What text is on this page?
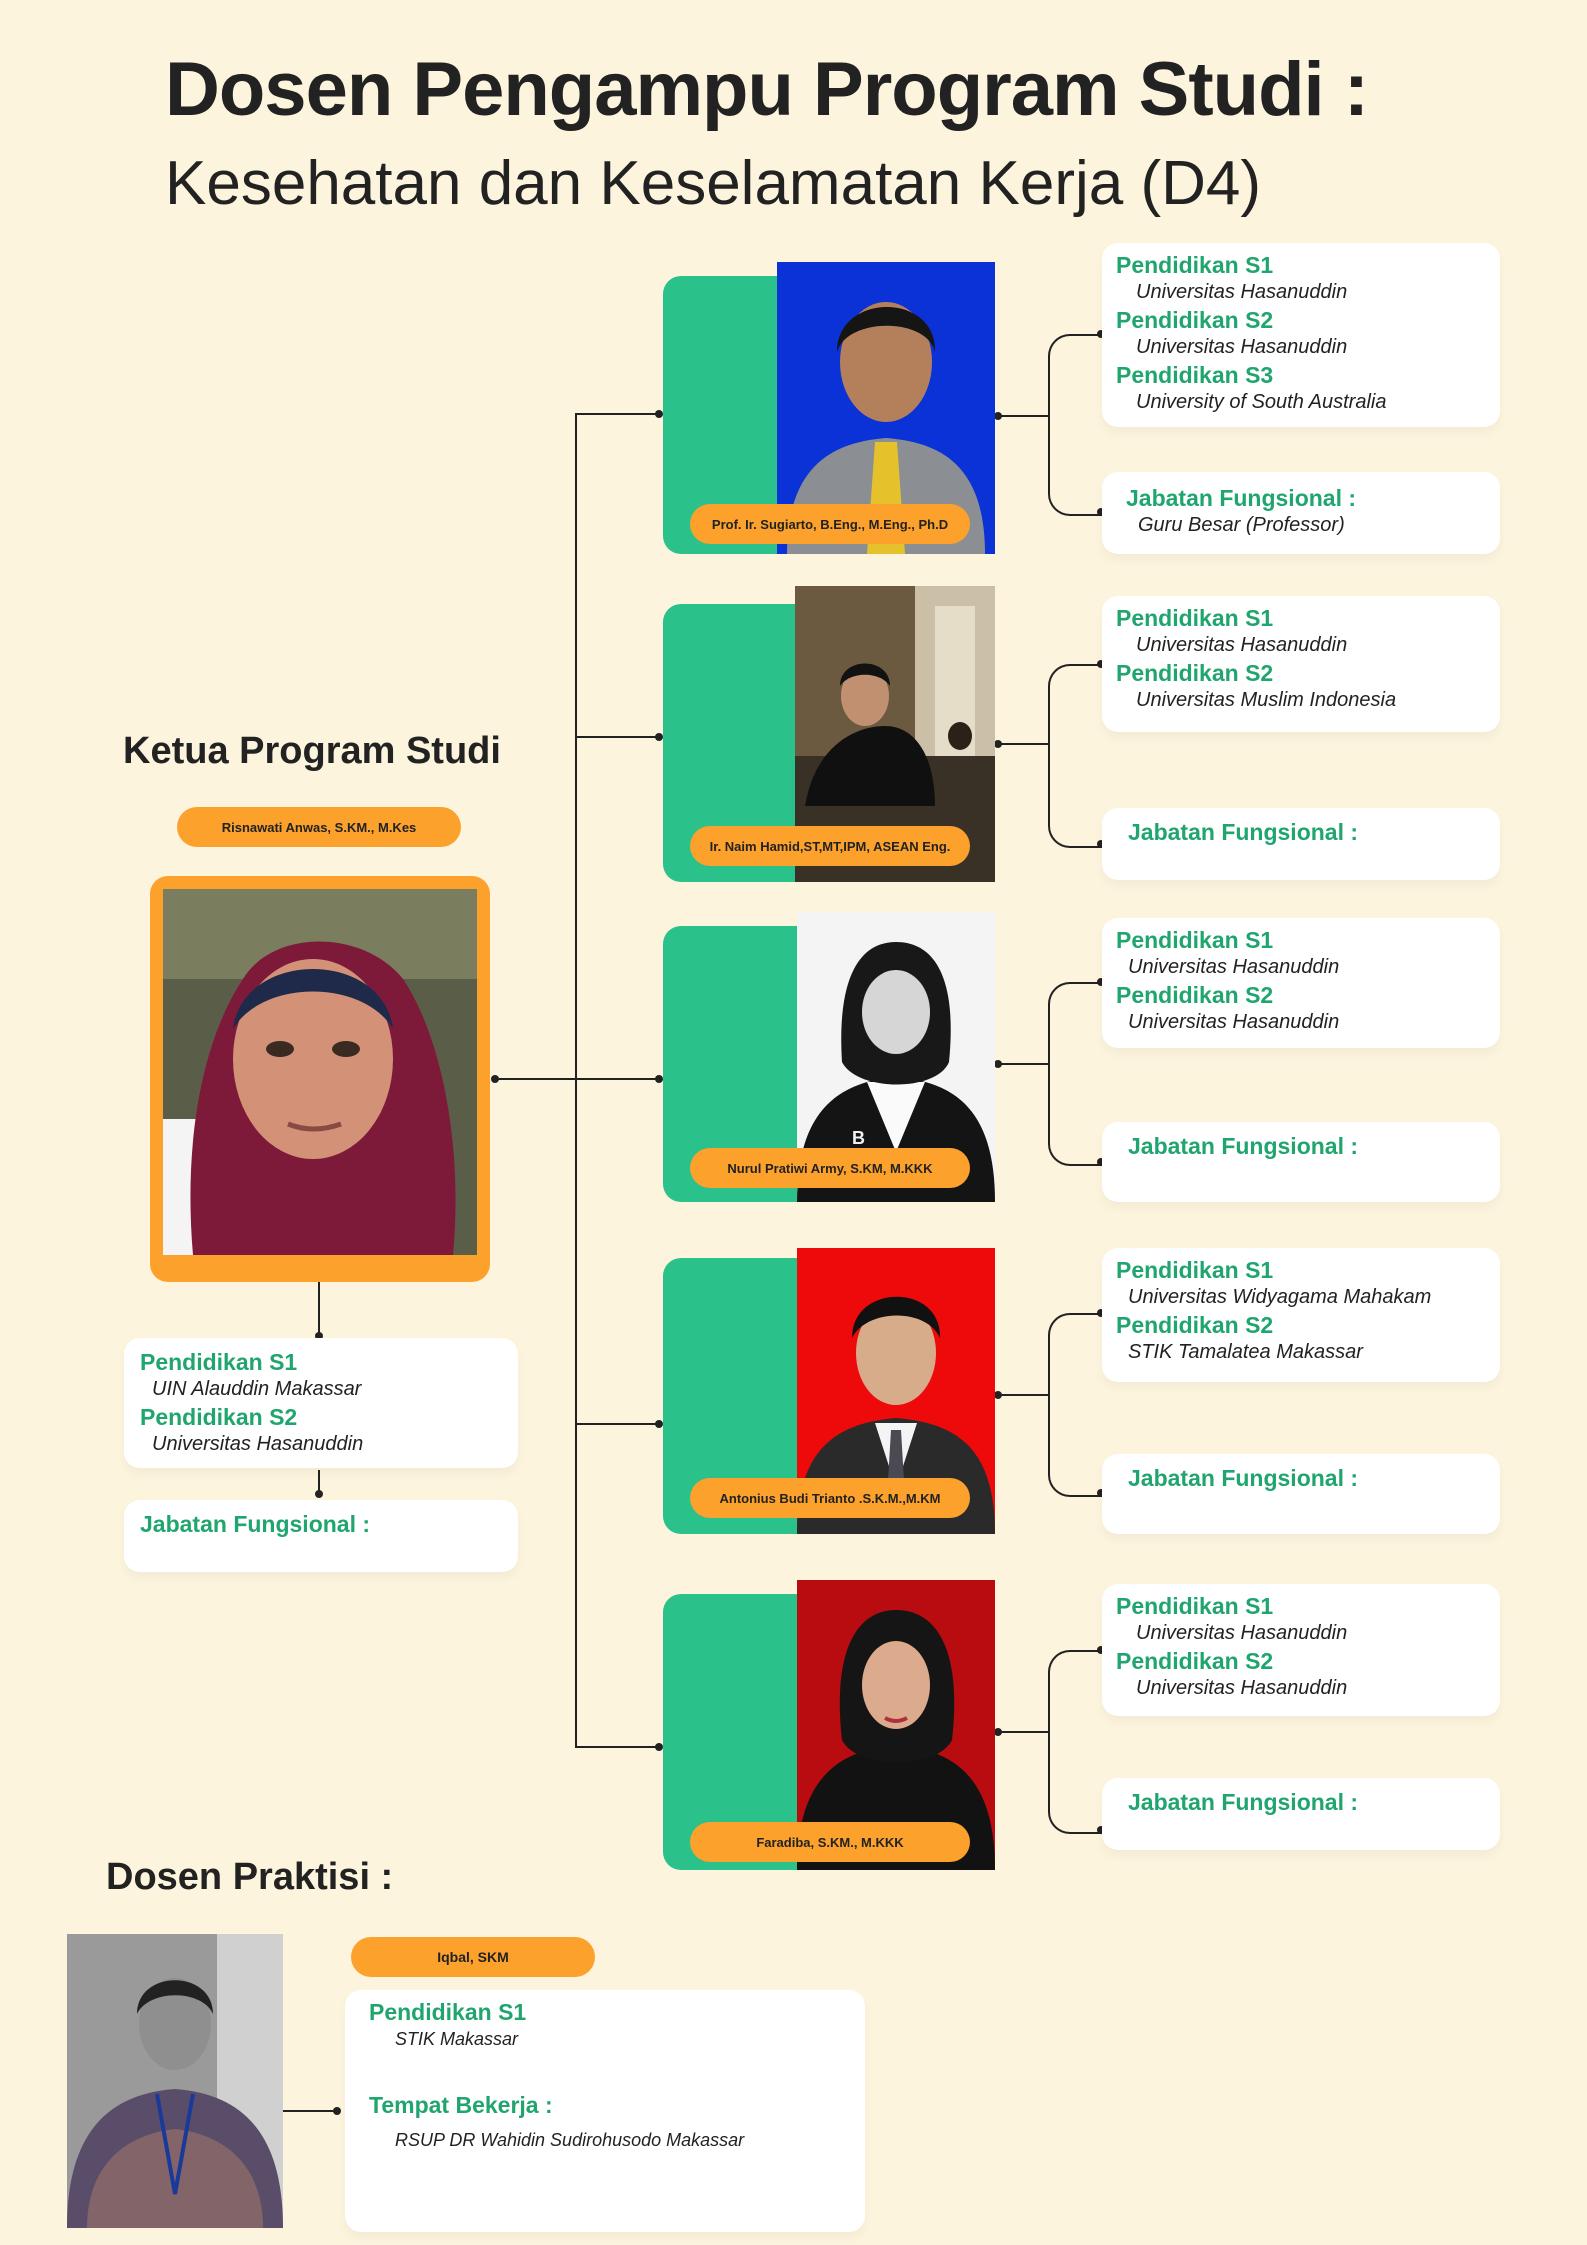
Dosen Pengampu Program Studi :
Kesehatan dan Keselamatan Kerja (D4)
Ketua Program Studi
Risnawati Anwas, S.KM., M.Kes
Pendidikan S1
UIN Alauddin Makassar
Pendidikan S2
Universitas Hasanuddin
Jabatan Fungsional :
Prof. Ir. Sugiarto, B.Eng., M.Eng., Ph.D
Pendidikan S1
Universitas Hasanuddin
Pendidikan S2
Universitas Hasanuddin
Pendidikan S3
University of South Australia
Jabatan Fungsional :
Guru Besar (Professor)
Ir. Naim Hamid,ST,MT,IPM, ASEAN Eng.
Pendidikan S1
Universitas Hasanuddin
Pendidikan S2
Universitas Muslim Indonesia
Jabatan Fungsional :
B
Nurul Pratiwi Army, S.KM, M.KKK
Pendidikan S1
Universitas Hasanuddin
Pendidikan S2
Universitas Hasanuddin
Jabatan Fungsional :
Antonius Budi Trianto .S.K.M.,M.KM
Pendidikan S1
Universitas Widyagama Mahakam
Pendidikan S2
STIK Tamalatea Makassar
Jabatan Fungsional :
Faradiba, S.KM., M.KKK
Pendidikan S1
Universitas Hasanuddin
Pendidikan S2
Universitas Hasanuddin
Jabatan Fungsional :
Dosen Praktisi :
Iqbal, SKM
Pendidikan S1
STIK Makassar
Tempat Bekerja :
RSUP DR Wahidin Sudirohusodo Makassar
